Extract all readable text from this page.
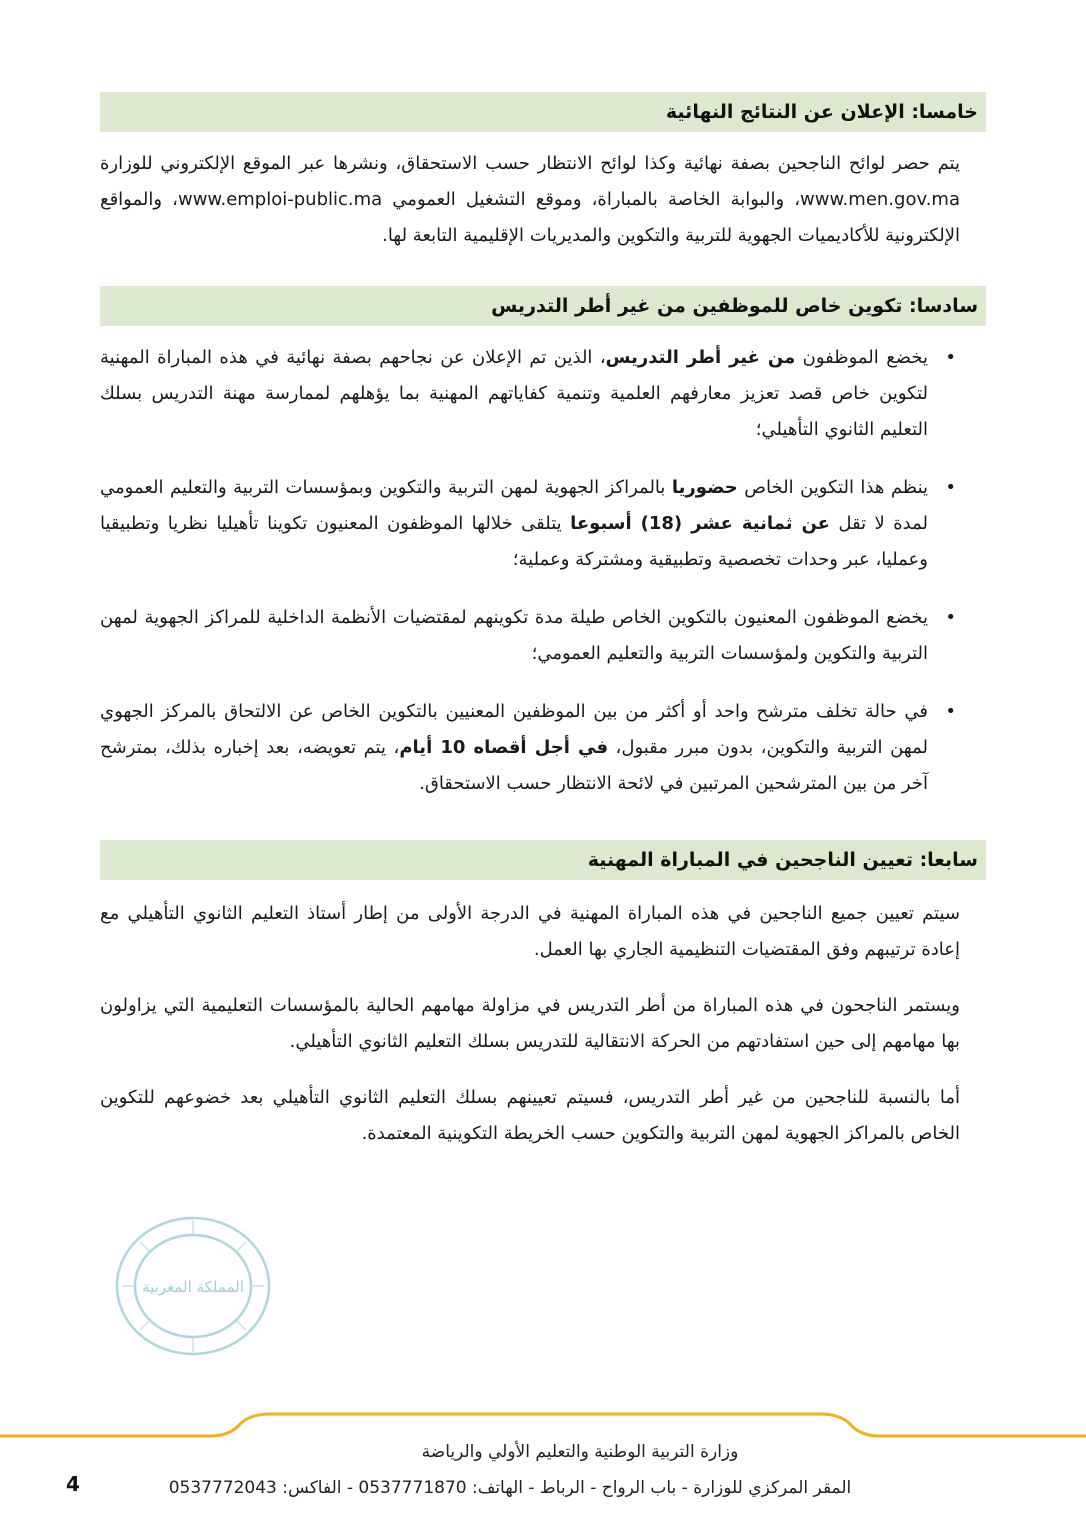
خامسا: الإعلان عن النتائج النهائية
يتم حصر لوائح الناجحين بصفة نهائية وكذا لوائح الانتظار حسب الاستحقاق، ونشرها عبر الموقع الإلكتروني للوزارة www.men.gov.ma، والبوابة الخاصة بالمباراة، وموقع التشغيل العمومي www.emploi-public.ma، والمواقع الإلكترونية للأكاديميات الجهوية للتربية والتكوين والمديريات الإقليمية التابعة لها.
سادسا: تكوين خاص للموظفين من غير أطر التدريس
•
يخضع الموظفون من غير أطر التدريس، الذين تم الإعلان عن نجاحهم بصفة نهائية في هذه المباراة المهنية لتكوين خاص قصد تعزيز معارفهم العلمية وتنمية كفاياتهم المهنية بما يؤهلهم لممارسة مهنة التدريس بسلك التعليم الثانوي التأهيلي؛
•
ينظم هذا التكوين الخاص حضوريا بالمراكز الجهوية لمهن التربية والتكوين وبمؤسسات التربية والتعليم العمومي لمدة لا تقل عن ثمانية عشر (18) أسبوعا يتلقى خلالها الموظفون المعنيون تكوينا تأهيليا نظريا وتطبيقيا وعمليا، عبر وحدات تخصصية وتطبيقية ومشتركة وعملية؛
•
يخضع الموظفون المعنيون بالتكوين الخاص طيلة مدة تكوينهم لمقتضيات الأنظمة الداخلية للمراكز الجهوية لمهن التربية والتكوين ولمؤسسات التربية والتعليم العمومي؛
•
في حالة تخلف مترشح واحد أو أكثر من بين الموظفين المعنيين بالتكوين الخاص عن الالتحاق بالمركز الجهوي لمهن التربية والتكوين، بدون مبرر مقبول، في أجل أقصاه 10 أيام، يتم تعويضه، بعد إخباره بذلك، بمترشح آخر من بين المترشحين المرتبين في لائحة الانتظار حسب الاستحقاق.
سابعا: تعيين الناجحين في المباراة المهنية
سيتم تعيين جميع الناجحين في هذه المباراة المهنية في الدرجة الأولى من إطار أستاذ التعليم الثانوي التأهيلي مع إعادة ترتيبهم وفق المقتضيات التنظيمية الجاري بها العمل.
ويستمر الناجحون في هذه المباراة من أطر التدريس في مزاولة مهامهم الحالية بالمؤسسات التعليمية التي يزاولون بها مهامهم إلى حين استفادتهم من الحركة الانتقالية للتدريس بسلك التعليم الثانوي التأهيلي.
أما بالنسبة للناجحين من غير أطر التدريس، فسيتم تعيينهم بسلك التعليم الثانوي التأهيلي بعد خضوعهم للتكوين الخاص بالمراكز الجهوية لمهن التربية والتكوين حسب الخريطة التكوينية المعتمدة.
المملكة المغربية
وزارة التربية الوطنية والتعليم الأولي والرياضة
المقر المركزي للوزارة - باب الرواح - الرباط - الهاتف: 0537771870 - الفاكس: 0537772043
4
